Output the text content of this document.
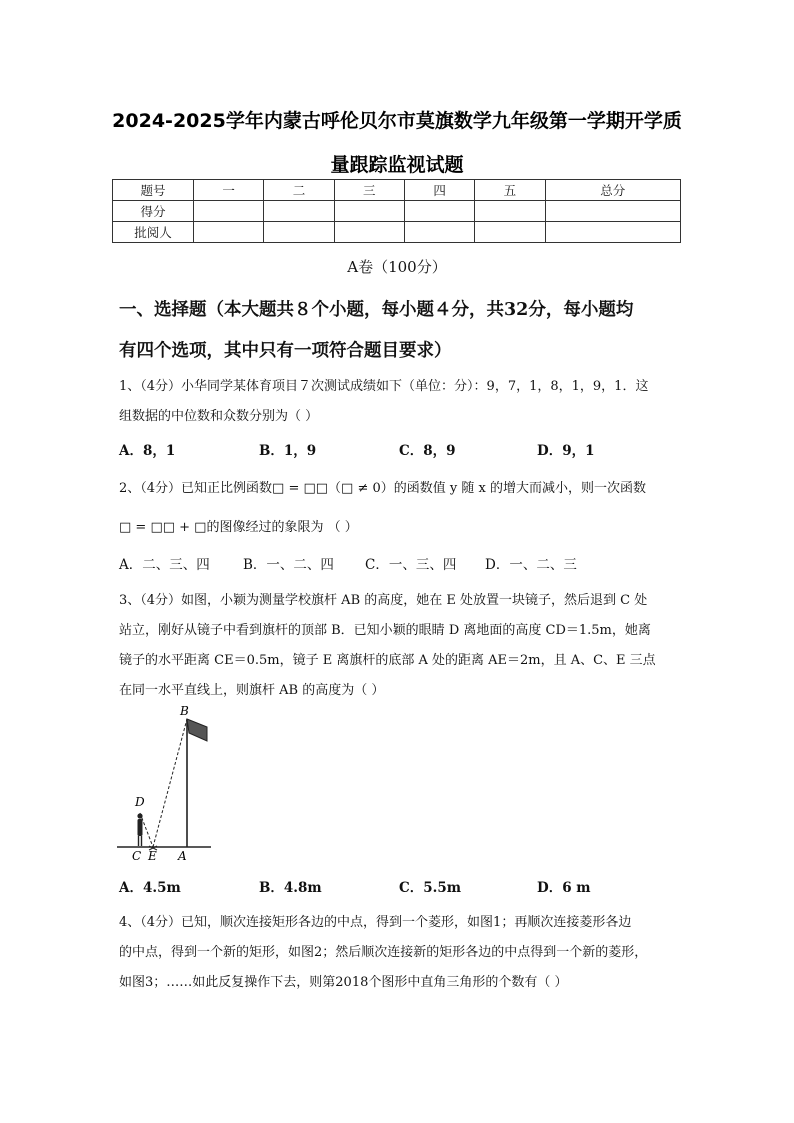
2024-2025学年内蒙古呼伦贝尔市莫旗数学九年级第一学期开学质
量跟踪监视试题
题号	一	二	三	四	五	总分
得分						
批阅人						
A卷（100分）
一、选择题（本大题共８个小题，每小题４分，共32分，每小题均
有四个选项，其中只有一项符合题目要求）
1、（4分）小华同学某体育项目７次测试成绩如下（单位：分）：9，7，1，8，1，9，1．这
组数据的中位数和众数分别为（ ）
A．8，1	B．1，9	C．8，9	D．9，1
2、（4分）已知正比例函数□ = □□（□ ≠ 0）的函数值 y 随 x 的增大而减小，则一次函数
□ = □□ + □的图像经过的象限为 （ ）
A．二、三、四 B．一、二、四 C．一、三、四 D．一、二、三
3、（4分）如图，小颖为测量学校旗杆 AB 的高度，她在 E 处放置一块镜子，然后退到 C 处
站立，刚好从镜子中看到旗杆的顶部 B．已知小颖的眼睛 D 离地面的高度 CD＝1.5m，她离
镜子的水平距离 CE＝0.5m，镜子 E 离旗杆的底部 A 处的距离 AE＝2m，且 A、C、E 三点
在同一水平直线上，则旗杆 AB 的高度为（ ）
B
D
C E A
A．4.5m	B．4.8m	C．5.5m	D．6 m
4、（4分）已知，顺次连接矩形各边的中点，得到一个菱形，如图1；再顺次连接菱形各边
的中点，得到一个新的矩形，如图2；然后顺次连接新的矩形各边的中点得到一个新的菱形，
如图3；……如此反复操作下去，则第2018个图形中直角三角形的个数有（ ）
